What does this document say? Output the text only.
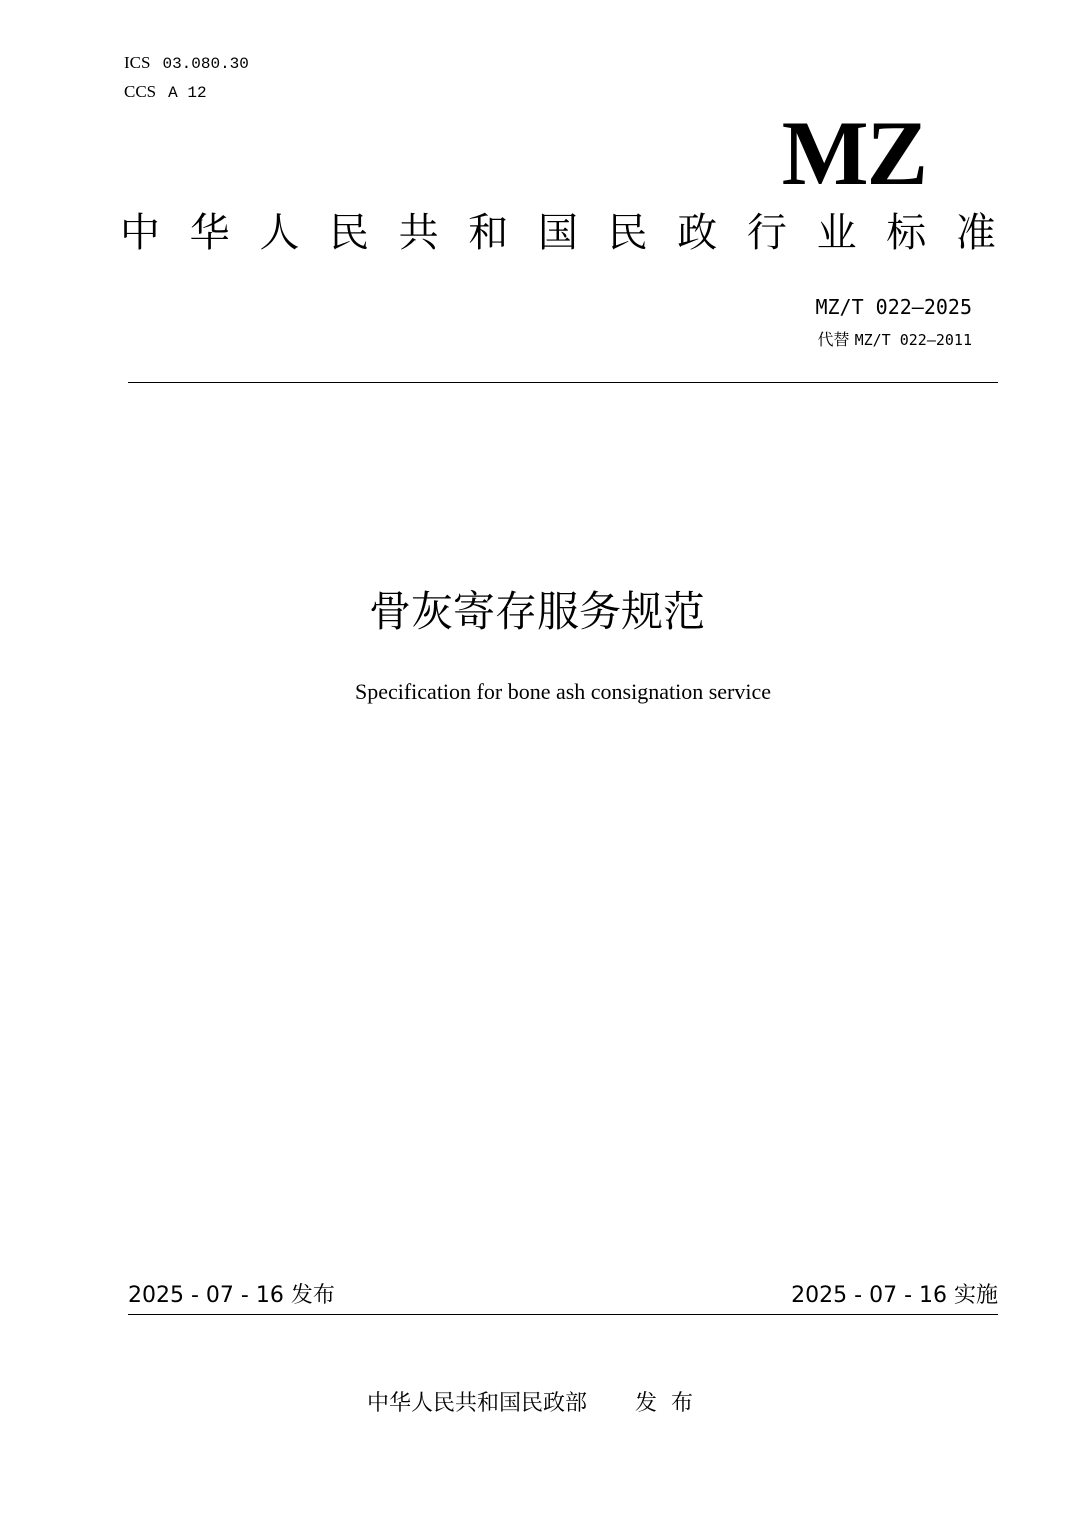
ICS 03.080.30
CCS A 12
MZ
中 华 人 民 共 和 国 民 政 行 业 标 准
MZ/T 022—2025
代替 MZ/T 022—2011
骨灰寄存服务规范
Specification for bone ash consignation service
2025 - 07 - 16 发布	2025 - 07 - 16 实施
中华人民共和国民政部 发布
